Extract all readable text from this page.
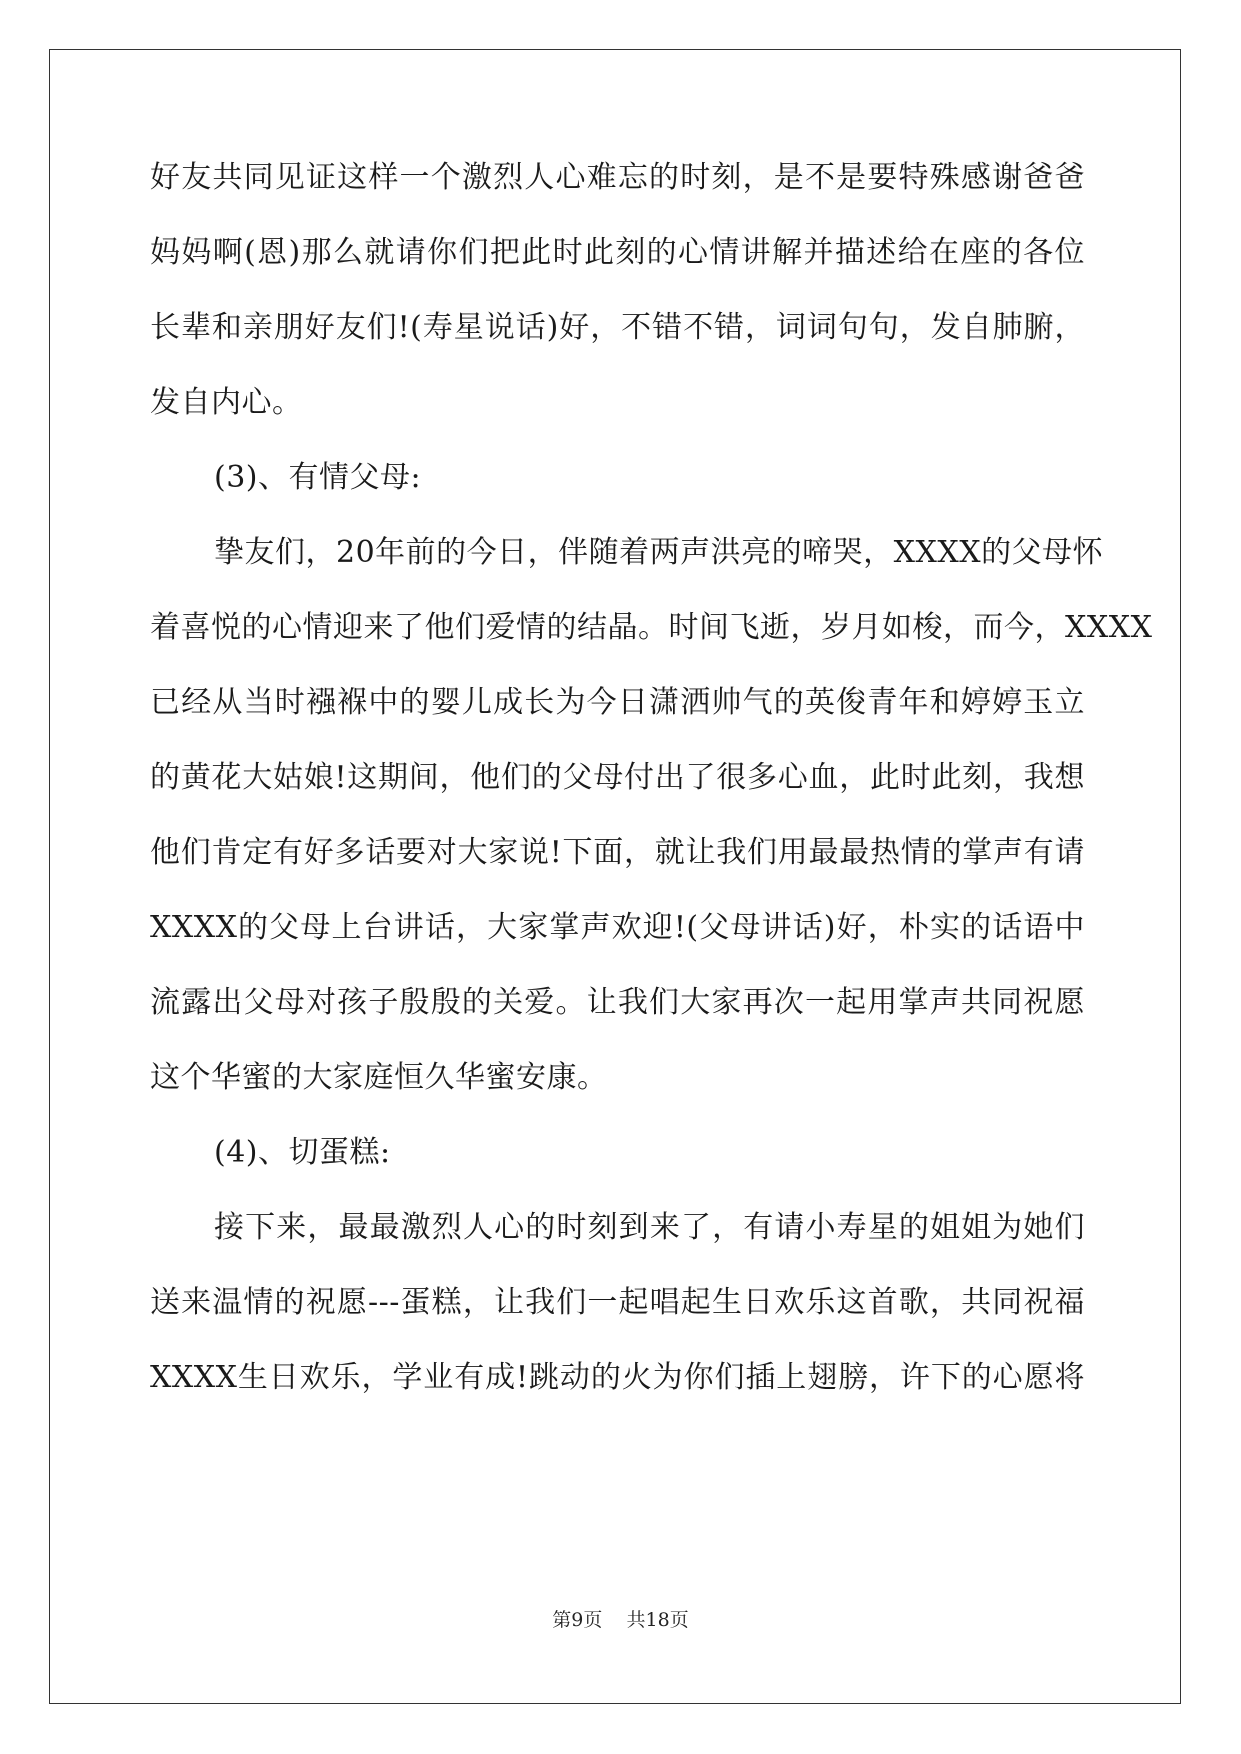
好友共同见证这样一个激烈人心难忘的时刻，是不是要特殊感谢爸爸
妈妈啊(恩)那么就请你们把此时此刻的心情讲解并描述给在座的各位
长辈和亲朋好友们!(寿星说话)好，不错不错，词词句句，发自肺腑，
发自内心。
(3)、有情父母:
挚友们，20年前的今日，伴随着两声洪亮的啼哭，XXXX的父母怀
着喜悦的心情迎来了他们爱情的结晶。时间飞逝，岁月如梭，而今，XXXX
已经从当时襁褓中的婴儿成长为今日潇洒帅气的英俊青年和婷婷玉立
的黄花大姑娘!这期间，他们的父母付出了很多心血，此时此刻，我想
他们肯定有好多话要对大家说!下面，就让我们用最最热情的掌声有请
XXXX的父母上台讲话，大家掌声欢迎!(父母讲话)好，朴实的话语中
流露出父母对孩子殷殷的关爱。让我们大家再次一起用掌声共同祝愿
这个华蜜的大家庭恒久华蜜安康。
(4)、切蛋糕:
接下来，最最激烈人心的时刻到来了，有请小寿星的姐姐为她们
送来温情的祝愿---蛋糕，让我们一起唱起生日欢乐这首歌，共同祝福
XXXX生日欢乐，学业有成!跳动的火为你们插上翅膀，许下的心愿将
第9页 共18页
